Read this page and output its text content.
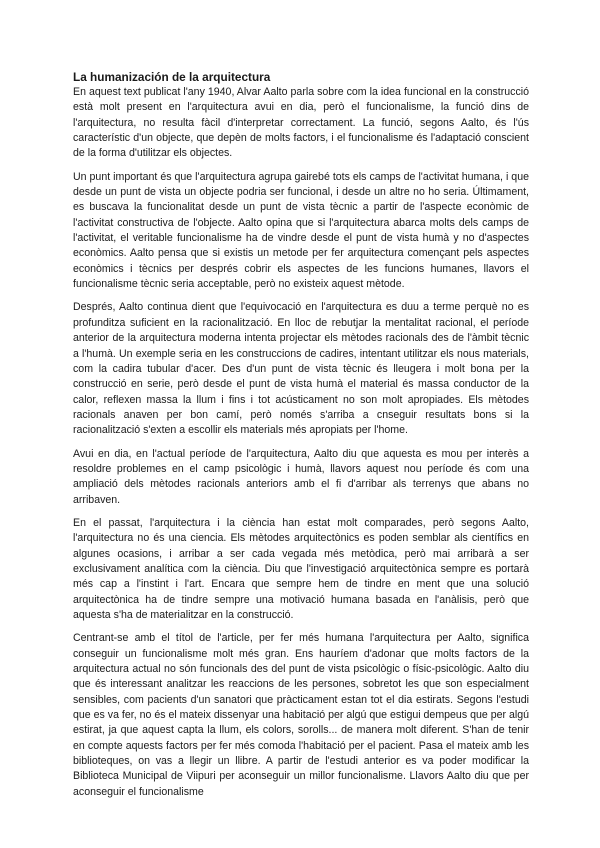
La humanización de la arquitectura

En aquest text publicat l'any 1940, Alvar Aalto parla sobre com la idea funcional en la construcció està molt present en l'arquitectura avui en dia, però el funcionalisme, la funció dins de l'arquitectura, no resulta fàcil d'interpretar correctament. La funció, segons Aalto, és l'ús característic d'un objecte, que depèn de molts factors, i el funcionalisme és l'adaptació conscient de la forma d'utilitzar els objectes.

Un punt important és que l'arquitectura agrupa gairebé tots els camps de l'activitat humana, i que desde un punt de vista un objecte podria ser funcional, i desde un altre no ho seria. Últimament, es buscava la funcionalitat desde un punt de vista tècnic a partir de l'aspecte econòmic de l'activitat constructiva de l'objecte. Aalto opina que si l'arquitectura abarca molts dels camps de l'activitat, el veritable funcionalisme ha de vindre desde el punt de vista humà y no d'aspectes econòmics. Aalto pensa que si existis un metode per fer arquitectura començant pels aspectes econòmics i tècnics per després cobrir els aspectes de les funcions humanes, llavors el funcionalisme tècnic seria acceptable, però no existeix aquest mètode.

Després, Aalto continua dient que l'equivocació en l'arquitectura es duu a terme perquè no es profunditza suficient en la racionalització. En lloc de rebutjar la mentalitat racional, el període anterior de la arquitectura moderna intenta projectar els mètodes racionals des de l'àmbit tècnic a l'humà. Un exemple seria en les construccions de cadires, intentant utilitzar els nous materials, com la cadira tubular d'acer. Des d'un punt de vista tècnic és lleugera i molt bona per la construcció en serie, però desde el punt de vista humà el material és massa conductor de la calor, reflexen massa la llum i fins i tot acústicament no son molt apropiades. Els mètodes racionals anaven per bon camí, però només s'arriba a cnseguir resultats bons si la racionalització s'exten a escollir els materials més apropiats per l'home.

Avui en dia, en l'actual període de l'arquitectura, Aalto diu que aquesta es mou per interès a resoldre problemes en el camp psicològic i humà, llavors aquest nou període és com una ampliació dels mètodes racionals anteriors amb el fi d'arribar als terrenys que abans no arribaven.

En el passat, l'arquitectura i la ciència han estat molt comparades, però segons Aalto, l'arquitectura no és una ciencia. Els mètodes arquitectònics es poden semblar als científics en algunes ocasions, i arribar a ser cada vegada més metòdica, però mai arribarà a ser exclusivament analítica com la ciència. Diu que l'investigació arquitectònica sempre es portarà més cap a l'instint i l'art. Encara que sempre hem de tindre en ment que una solució arquitectònica ha de tindre sempre una motivació humana basada en l'anàlisis, però que aquesta s'ha de materialitzar en la construcció.

Centrant-se amb el títol de l'article, per fer més humana l'arquitectura per Aalto, significa conseguir un funcionalisme molt més gran. Ens hauríem d'adonar que molts factors de la arquitectura actual no són funcionals des del punt de vista psicològic o físic-psicològic. Aalto diu que és interessant analitzar les reaccions de les persones, sobretot les que son especialment sensibles, com pacients d'un sanatori que pràcticament estan tot el dia estirats. Segons l'estudi que es va fer, no és el mateix dissenyar una habitació per algú que estigui dempeus que per algú estirat, ja que aquest capta la llum, els colors, sorolls... de manera molt diferent. S'han de tenir en compte aquests factors per fer més comoda l'habitació per el pacient. Pasa el mateix amb les biblioteques, on vas a llegir un llibre. A partir de l'estudi anterior es va poder modificar la Biblioteca Municipal de Viipuri per aconseguir un millor funcionalisme. Llavors Aalto diu que per aconseguir el funcionalisme
